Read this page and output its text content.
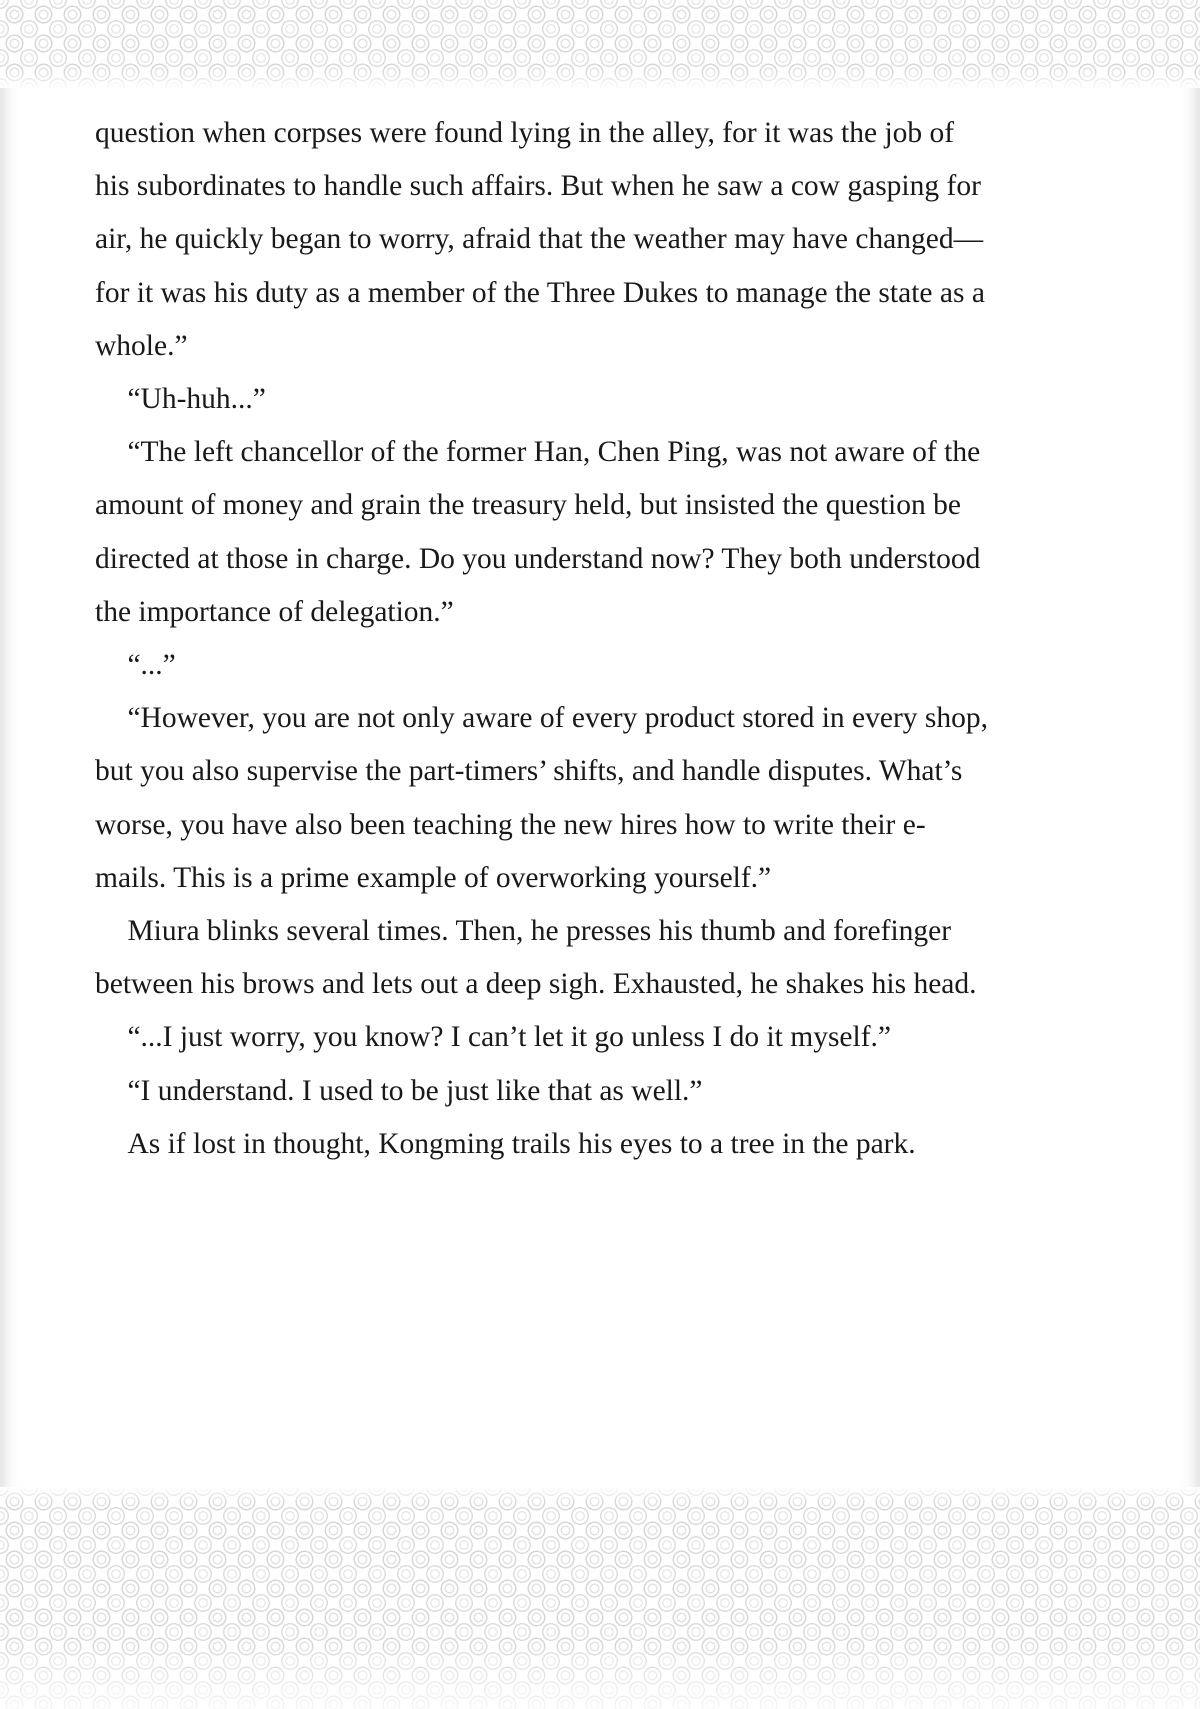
question when corpses were found lying in the alley, for it was the job of his subordinates to handle such affairs. But when he saw a cow gasping for air, he quickly began to worry, afraid that the weather may have changed—for it was his duty as a member of the Three Dukes to manage the state as a whole.”

“Uh-huh...”

“The left chancellor of the former Han, Chen Ping, was not aware of the amount of money and grain the treasury held, but insisted the question be directed at those in charge. Do you understand now? They both understood the importance of delegation.”

“...”

“However, you are not only aware of every product stored in every shop, but you also supervise the part-timers’ shifts, and handle disputes. What’s worse, you have also been teaching the new hires how to write their e-mails. This is a prime example of overworking yourself.”

Miura blinks several times. Then, he presses his thumb and forefinger between his brows and lets out a deep sigh. Exhausted, he shakes his head.

“...I just worry, you know? I can’t let it go unless I do it myself.”

“I understand. I used to be just like that as well.”

As if lost in thought, Kongming trails his eyes to a tree in the park.
